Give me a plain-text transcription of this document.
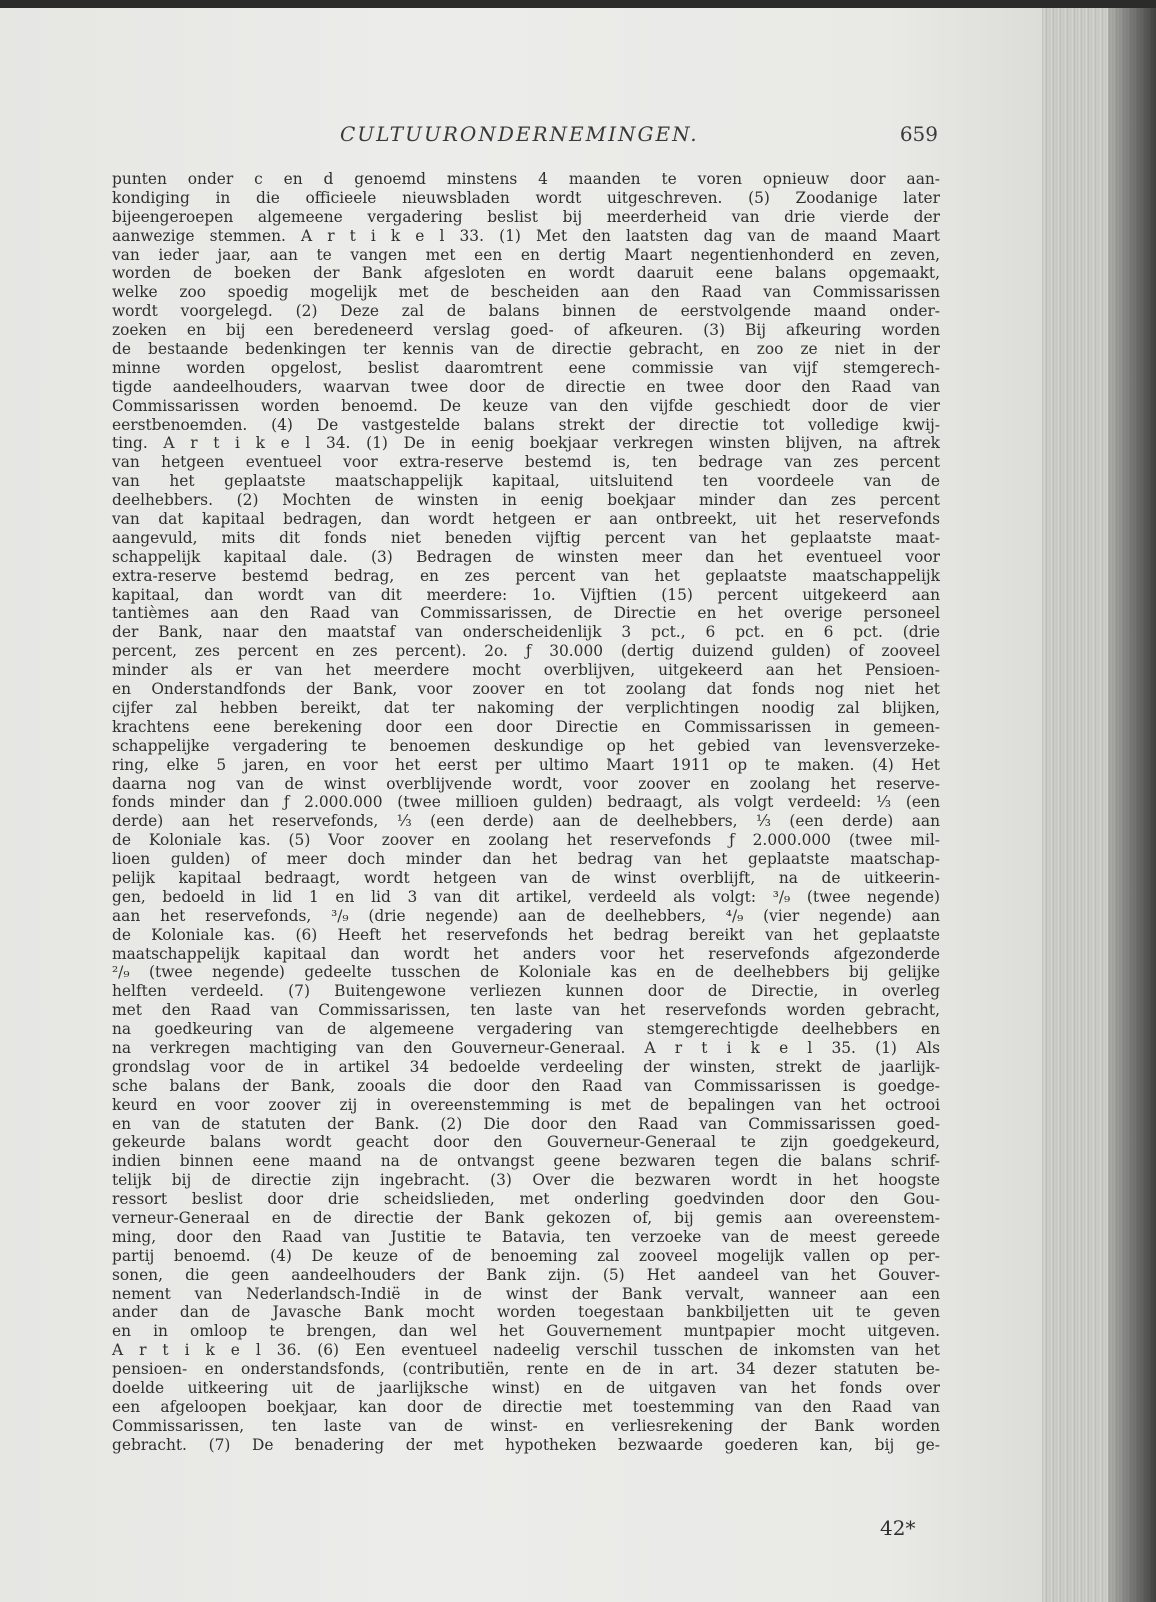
CULTUURONDERNEMINGEN.	659
punten onder c en d genoemd minstens 4 maanden te voren opnieuw door aan-
kondiging in die officieele nieuwsbladen wordt uitgeschreven. (5) Zoodanige later
bijeengeroepen algemeene vergadering beslist bij meerderheid van drie vierde der
aanwezige stemmen. A r t i k e l 33. (1) Met den laatsten dag van de maand Maart
van ieder jaar, aan te vangen met een en dertig Maart negentienhonderd en zeven,
worden de boeken der Bank afgesloten en wordt daaruit eene balans opgemaakt,
welke zoo spoedig mogelijk met de bescheiden aan den Raad van Commissarissen
wordt voorgelegd. (2) Deze zal de balans binnen de eerstvolgende maand onder-
zoeken en bij een beredeneerd verslag goed- of afkeuren. (3) Bij afkeuring worden
de bestaande bedenkingen ter kennis van de directie gebracht, en zoo ze niet in der
minne worden opgelost, beslist daaromtrent eene commissie van vijf stemgerech-
tigde aandeelhouders, waarvan twee door de directie en twee door den Raad van
Commissarissen worden benoemd. De keuze van den vijfde geschiedt door de vier
eerstbenoemden. (4) De vastgestelde balans strekt der directie tot volledige kwij-
ting. A r t i k e l 34. (1) De in eenig boekjaar verkregen winsten blijven, na aftrek
van hetgeen eventueel voor extra-reserve bestemd is, ten bedrage van zes percent
van het geplaatste maatschappelijk kapitaal, uitsluitend ten voordeele van de
deelhebbers. (2) Mochten de winsten in eenig boekjaar minder dan zes percent
van dat kapitaal bedragen, dan wordt hetgeen er aan ontbreekt, uit het reservefonds
aangevuld, mits dit fonds niet beneden vijftig percent van het geplaatste maat-
schappelijk kapitaal dale. (3) Bedragen de winsten meer dan het eventueel voor
extra-reserve bestemd bedrag, en zes percent van het geplaatste maatschappelijk
kapitaal, dan wordt van dit meerdere: 1o. Vijftien (15) percent uitgekeerd aan
tantièmes aan den Raad van Commissarissen, de Directie en het overige personeel
der Bank, naar den maatstaf van onderscheidenlijk 3 pct., 6 pct. en 6 pct. (drie
percent, zes percent en zes percent). 2o. ƒ 30.000 (dertig duizend gulden) of zooveel
minder als er van het meerdere mocht overblijven, uitgekeerd aan het Pensioen-
en Onderstandfonds der Bank, voor zoover en tot zoolang dat fonds nog niet het
cijfer zal hebben bereikt, dat ter nakoming der verplichtingen noodig zal blijken,
krachtens eene berekening door een door Directie en Commissarissen in gemeen-
schappelijke vergadering te benoemen deskundige op het gebied van levensverzeke-
ring, elke 5 jaren, en voor het eerst per ultimo Maart 1911 op te maken. (4) Het
daarna nog van de winst overblijvende wordt, voor zoover en zoolang het reserve-
fonds minder dan ƒ 2.000.000 (twee millioen gulden) bedraagt, als volgt verdeeld: ⅓ (een
derde) aan het reservefonds, ⅓ (een derde) aan de deelhebbers, ⅓ (een derde) aan
de Koloniale kas. (5) Voor zoover en zoolang het reservefonds ƒ 2.000.000 (twee mil-
lioen gulden) of meer doch minder dan het bedrag van het geplaatste maatschap-
pelijk kapitaal bedraagt, wordt hetgeen van de winst overblijft, na de uitkeerin-
gen, bedoeld in lid 1 en lid 3 van dit artikel, verdeeld als volgt: ³/₉ (twee negende)
aan het reservefonds, ³/₉ (drie negende) aan de deelhebbers, ⁴/₉ (vier negende) aan
de Koloniale kas. (6) Heeft het reservefonds het bedrag bereikt van het geplaatste
maatschappelijk kapitaal dan wordt het anders voor het reservefonds afgezonderde
²/₉ (twee negende) gedeelte tusschen de Koloniale kas en de deelhebbers bij gelijke
helften verdeeld. (7) Buitengewone verliezen kunnen door de Directie, in overleg
met den Raad van Commissarissen, ten laste van het reservefonds worden gebracht,
na goedkeuring van de algemeene vergadering van stemgerechtigde deelhebbers en
na verkregen machtiging van den Gouverneur-Generaal. A r t i k e l 35. (1) Als
grondslag voor de in artikel 34 bedoelde verdeeling der winsten, strekt de jaarlijk-
sche balans der Bank, zooals die door den Raad van Commissarissen is goedge-
keurd en voor zoover zij in overeenstemming is met de bepalingen van het octrooi
en van de statuten der Bank. (2) Die door den Raad van Commissarissen goed-
gekeurde balans wordt geacht door den Gouverneur-Generaal te zijn goedgekeurd,
indien binnen eene maand na de ontvangst geene bezwaren tegen die balans schrif-
telijk bij de directie zijn ingebracht. (3) Over die bezwaren wordt in het hoogste
ressort beslist door drie scheidslieden, met onderling goedvinden door den Gou-
verneur-Generaal en de directie der Bank gekozen of, bij gemis aan overeenstem-
ming, door den Raad van Justitie te Batavia, ten verzoeke van de meest gereede
partij benoemd. (4) De keuze of de benoeming zal zooveel mogelijk vallen op per-
sonen, die geen aandeelhouders der Bank zijn. (5) Het aandeel van het Gouver-
nement van Nederlandsch-Indië in de winst der Bank vervalt, wanneer aan een
ander dan de Javasche Bank mocht worden toegestaan bankbiljetten uit te geven
en in omloop te brengen, dan wel het Gouvernement muntpapier mocht uitgeven.
A r t i k e l 36. (6) Een eventueel nadeelig verschil tusschen de inkomsten van het
pensioen- en onderstandsfonds, (contributiën, rente en de in art. 34 dezer statuten be-
doelde uitkeering uit de jaarlijksche winst) en de uitgaven van het fonds over
een afgeloopen boekjaar, kan door de directie met toestemming van den Raad van
Commissarissen, ten laste van de winst- en verliesrekening der Bank worden
gebracht. (7) De benadering der met hypotheken bezwaarde goederen kan, bij ge-
42*
